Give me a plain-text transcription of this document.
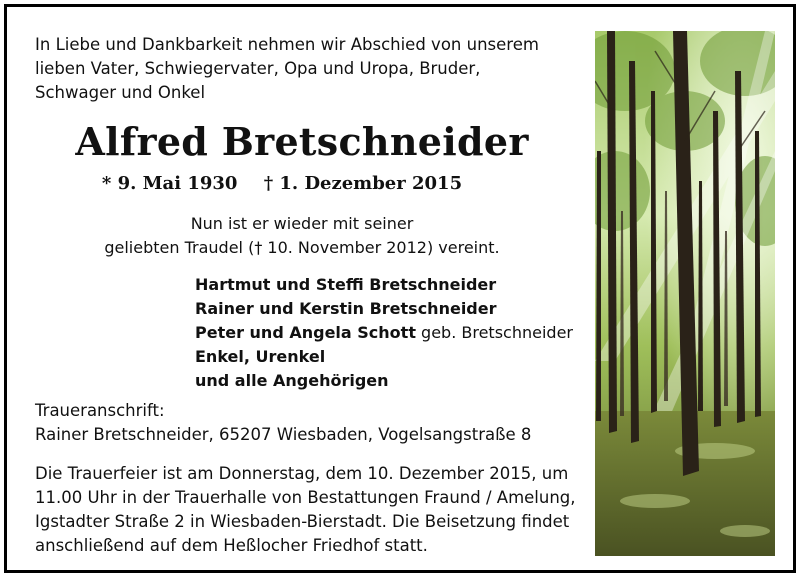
In Liebe und Dankbarkeit nehmen wir Abschied von unserem
lieben Vater, Schwiegervater, Opa und Uropa, Bruder,
Schwager und Onkel
Alfred Bretschneider
* 9. Mai 1930 † 1. Dezember 2015
Nun ist er wieder mit seiner
geliebten Traudel († 10. November 2012) vereint.
Hartmut und Steffi Bretschneider
Rainer und Kerstin Bretschneider
Peter und Angela Schott geb. Bretschneider
Enkel, Urenkel
und alle Angehörigen
Traueranschrift:
Rainer Bretschneider, 65207 Wiesbaden, Vogelsangstraße 8
Die Trauerfeier ist am Donnerstag, dem 10. Dezember 2015, um
11.00 Uhr in der Trauerhalle von Bestattungen Fraund / Amelung,
Igstadter Straße 2 in Wiesbaden-Bierstadt. Die Beisetzung findet
anschließend auf dem Heßlocher Friedhof statt.
